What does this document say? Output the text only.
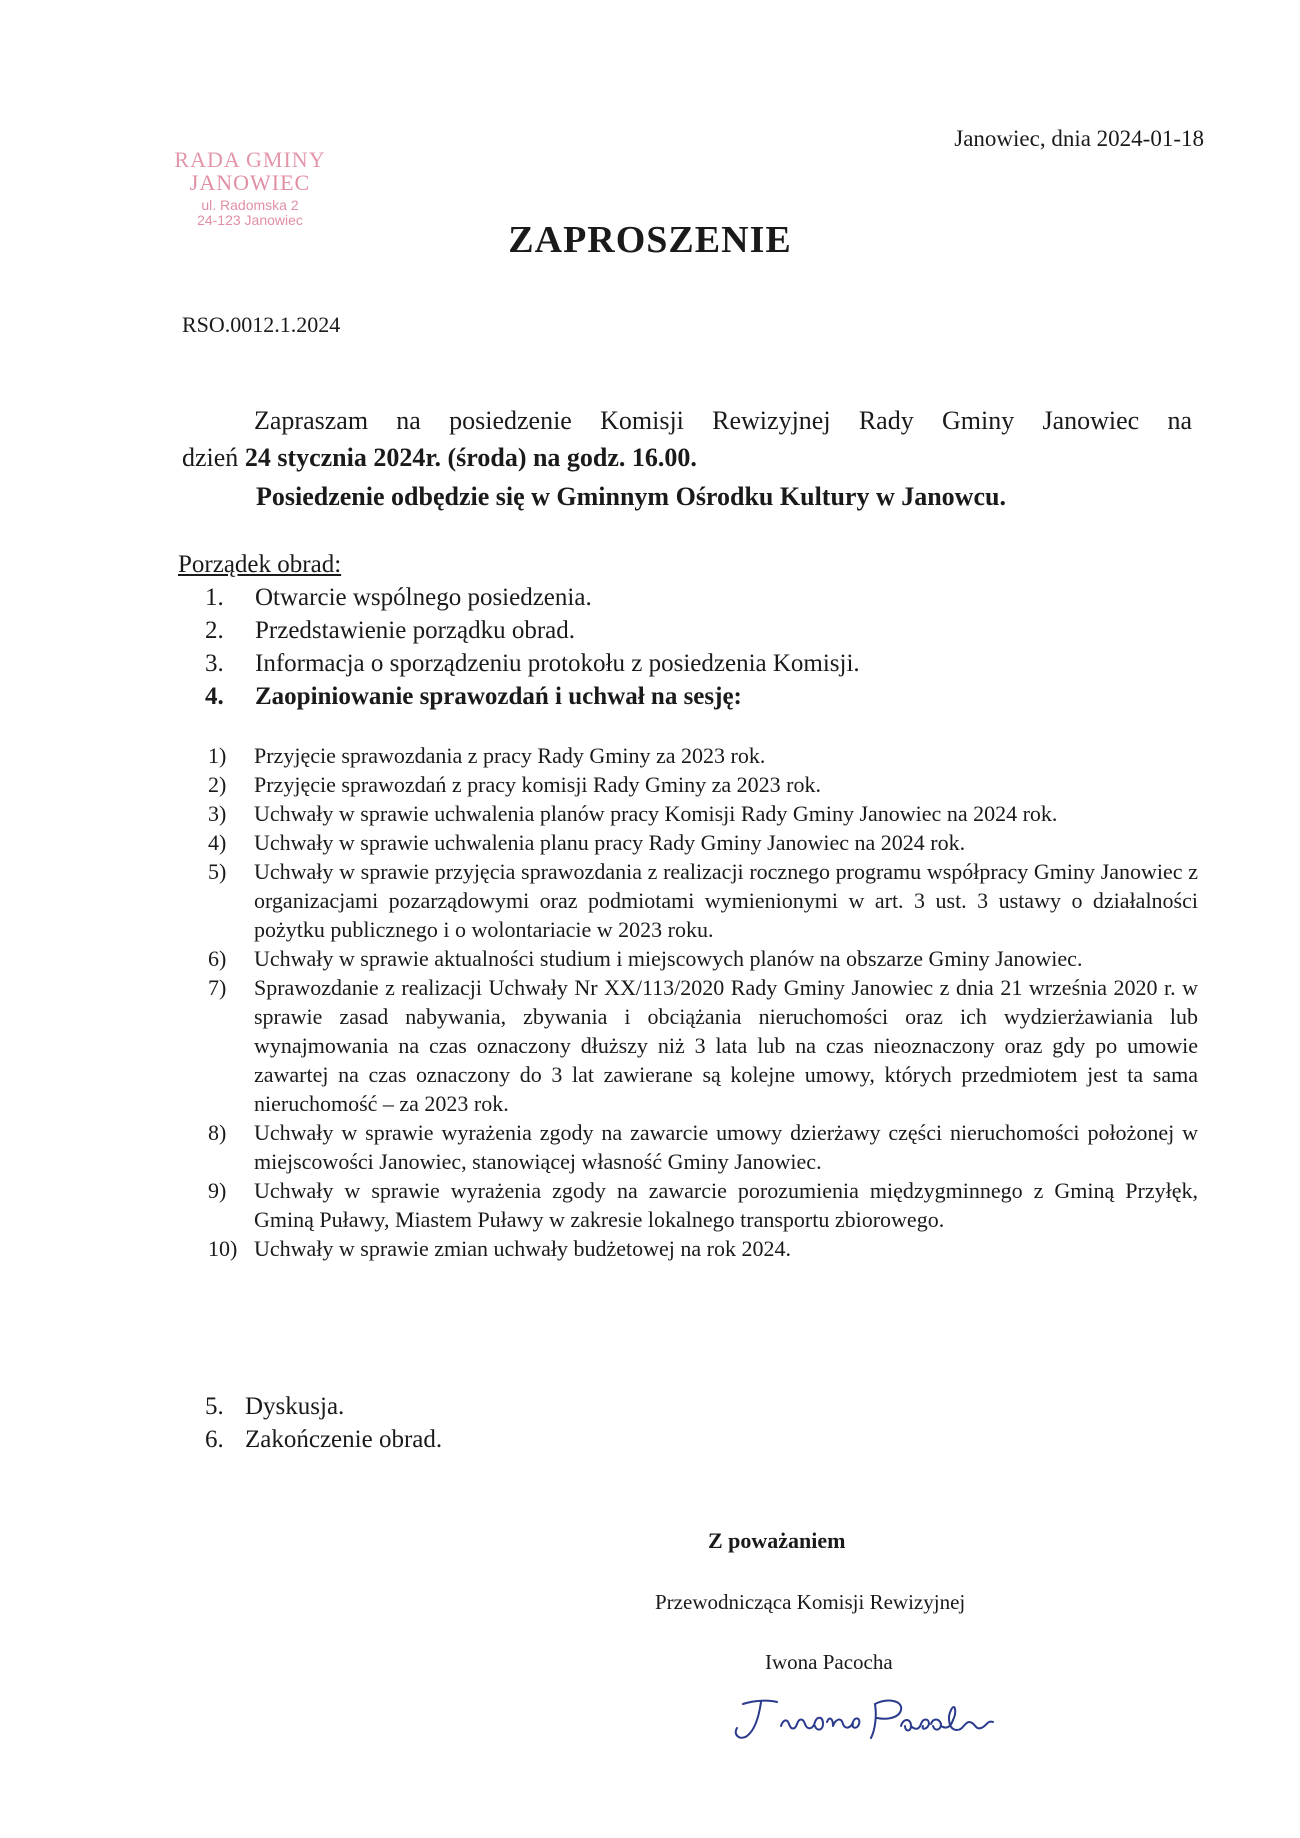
RADA GMINY
JANOWIEC
ul. Radomska 2
24-123 Janowiec
Janowiec, dnia 2024-01-18
ZAPROSZENIE
RSO.0012.1.2024

Zapraszam na posiedzenie Komisji Rewizyjnej Rady Gminy Janowiec na

dzień 24 stycznia 2024r. (środa) na godz. 16.00.

Posiedzenie odbędzie się w Gminnym Ośrodku Kultury w Janowcu.

Porządek obrad:
1.	Otwarcie wspólnego posiedzenia.
2.	Przedstawienie porządku obrad.
3.	Informacja o sporządzeniu protokołu z posiedzenia Komisji.
4.	Zaopiniowanie sprawozdań i uchwał na sesję:
1)	Przyjęcie sprawozdania z pracy Rady Gminy za 2023 rok.
2)	Przyjęcie sprawozdań z pracy komisji Rady Gminy za 2023 rok.
3)	Uchwały w sprawie uchwalenia planów pracy Komisji Rady Gminy Janowiec na 2024 rok.
4)	Uchwały w sprawie uchwalenia planu pracy Rady Gminy Janowiec na 2024 rok.
5)	Uchwały w sprawie przyjęcia sprawozdania z realizacji rocznego programu współpracy Gminy Janowiec z organizacjami pozarządowymi oraz podmiotami wymienionymi w art. 3 ust. 3 ustawy o działalności pożytku publicznego i o wolontariacie w 2023 roku.
6)	Uchwały w sprawie aktualności studium i miejscowych planów na obszarze Gminy Janowiec.
7)	Sprawozdanie z realizacji Uchwały Nr XX/113/2020 Rady Gminy Janowiec z dnia 21 września 2020 r. w sprawie zasad nabywania, zbywania i obciążania nieruchomości oraz ich wydzierżawiania lub wynajmowania na czas oznaczony dłuższy niż 3 lata lub na czas nieoznaczony oraz gdy po umowie zawartej na czas oznaczony do 3 lat zawierane są kolejne umowy, których przedmiotem jest ta sama nieruchomość – za 2023 rok.
8)	Uchwały w sprawie wyrażenia zgody na zawarcie umowy dzierżawy części nieruchomości położonej w miejscowości Janowiec, stanowiącej własność Gminy Janowiec.
9)	Uchwały w sprawie wyrażenia zgody na zawarcie porozumienia międzygminnego z Gminą Przyłęk, Gminą Puławy, Miastem Puławy w zakresie lokalnego transportu zbiorowego.
10) Uchwały w sprawie zmian uchwały budżetowej na rok 2024.
5. Dyskusja.
6. Zakończenie obrad.
Z poważaniem
Przewodnicząca Komisji Rewizyjnej
Iwona Pacocha
